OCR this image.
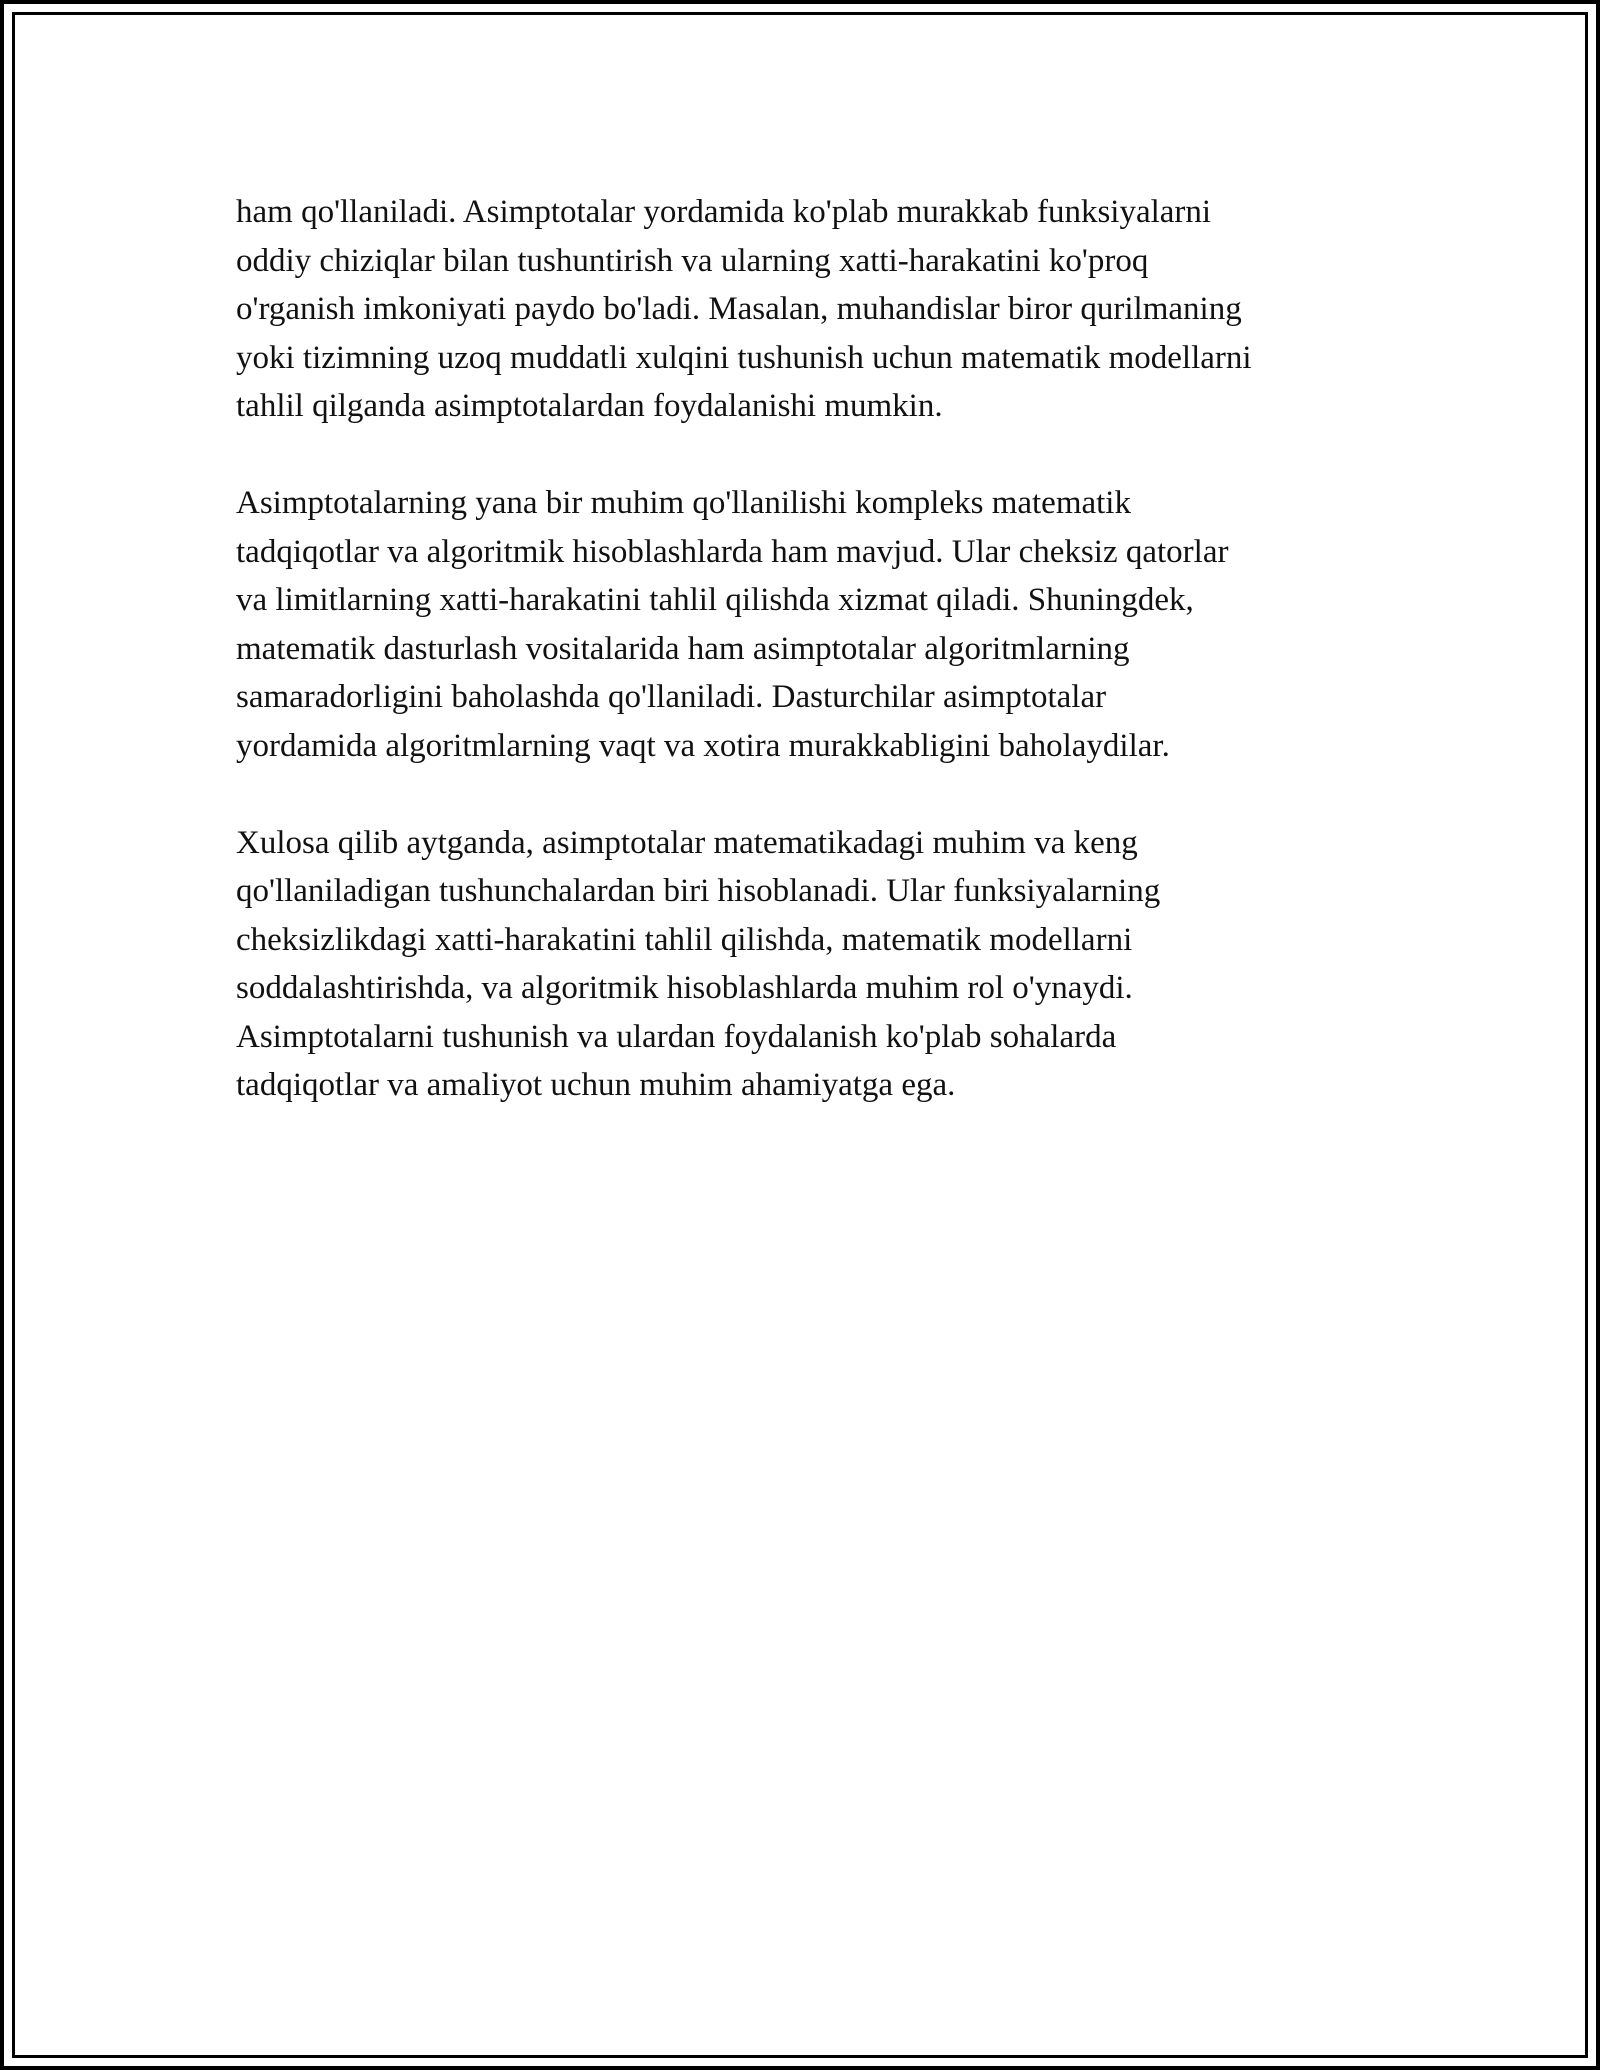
ham qo'llaniladi. Asimptotalar yordamida ko'plab murakkab funksiyalarni
oddiy chiziqlar bilan tushuntirish va ularning xatti-harakatini ko'proq
o'rganish imkoniyati paydo bo'ladi. Masalan, muhandislar biror qurilmaning
yoki tizimning uzoq muddatli xulqini tushunish uchun matematik modellarni
tahlil qilganda asimptotalardan foydalanishi mumkin.

Asimptotalarning yana bir muhim qo'llanilishi kompleks matematik
tadqiqotlar va algoritmik hisoblashlarda ham mavjud. Ular cheksiz qatorlar
va limitlarning xatti-harakatini tahlil qilishda xizmat qiladi. Shuningdek,
matematik dasturlash vositalarida ham asimptotalar algoritmlarning
samaradorligini baholashda qo'llaniladi. Dasturchilar asimptotalar
yordamida algoritmlarning vaqt va xotira murakkabligini baholaydilar.

Xulosa qilib aytganda, asimptotalar matematikadagi muhim va keng
qo'llaniladigan tushunchalardan biri hisoblanadi. Ular funksiyalarning
cheksizlikdagi xatti-harakatini tahlil qilishda, matematik modellarni
soddalashtirishda, va algoritmik hisoblashlarda muhim rol o'ynaydi.
Asimptotalarni tushunish va ulardan foydalanish ko'plab sohalarda
tadqiqotlar va amaliyot uchun muhim ahamiyatga ega.
